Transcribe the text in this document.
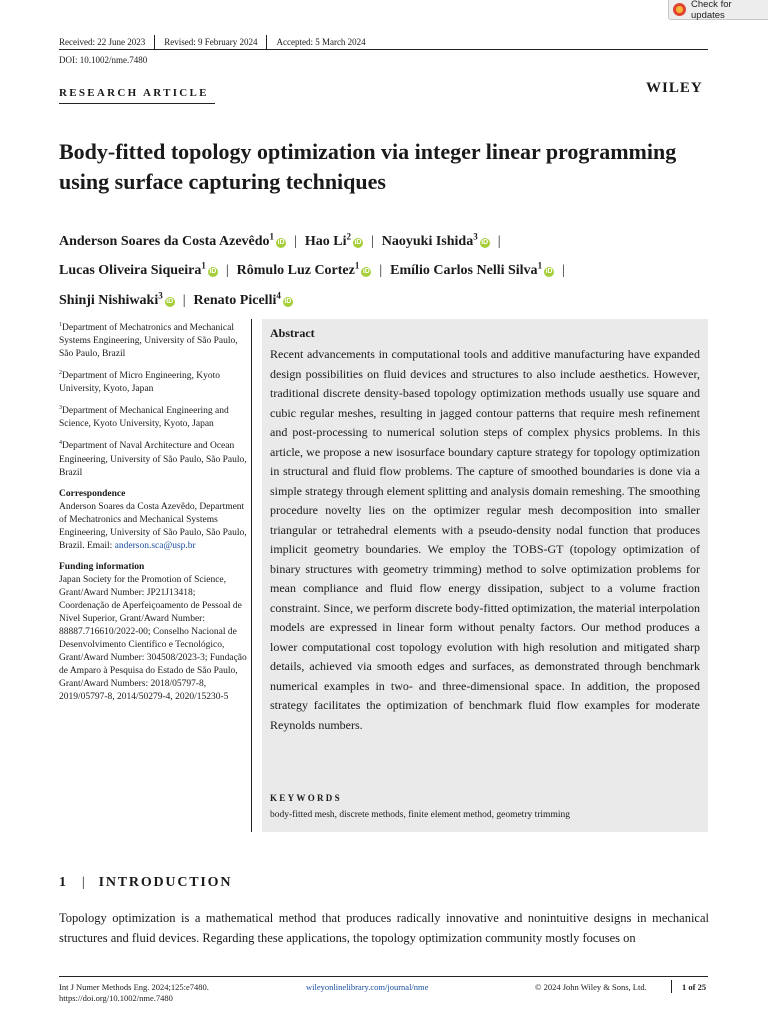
Check for updates
Received: 22 June 2023 Revised: 9 February 2024 Accepted: 5 March 2024
DOI: 10.1002/nme.7480
RESEARCH ARTICLE	WILEY
Body-fitted topology optimization via integer linear programming using surface capturing techniques
Anderson Soares da Costa Azevêdo$^1$iD | Hao Li$^2$iD | Naoyuki Ishida$^3$iD |
Lucas Oliveira Siqueira$^1$iD | Rômulo Luz Cortez$^1$iD | Emílio Carlos Nelli Silva$^1$iD |
Shinji Nishiwaki$^3$iD | Renato Picelli$^4$iD
$^1$Department of Mechatronics and Mechanical Systems Engineering, University of São Paulo, São Paulo, Brazil
$^2$Department of Micro Engineering, Kyoto University, Kyoto, Japan
$^3$Department of Mechanical Engineering and Science, Kyoto University, Kyoto, Japan
$^4$Department of Naval Architecture and Ocean Engineering, University of São Paulo, São Paulo, Brazil
Correspondence
Anderson Soares da Costa Azevêdo, Department of Mechatronics and Mechanical Systems Engineering, University of São Paulo, São Paulo, Brazil. Email: anderson.sca@usp.br
Funding information
Japan Society for the Promotion of Science, Grant/Award Number: JP21J13418; Coordenação de Aperfeiçoamento de Pessoal de Nível Superior, Grant/Award Number: 88887.716610/2022-00; Conselho Nacional de Desenvolvimento Científico e Tecnológico, Grant/Award Number: 304508/2023-3; Fundação de Amparo à Pesquisa do Estado de São Paulo, Grant/Award Numbers: 2018/05797-8, 2019/05797-8, 2014/50279-4, 2020/15230-5
Abstract

Recent advancements in computational tools and additive manufacturing have expanded design possibilities on fluid devices and structures to also include aesthetics. However, traditional discrete density-based topology optimization methods usually use square and cubic regular meshes, resulting in jagged contour patterns that require mesh refinement and post-processing to numerical solution steps of complex physics problems. In this article, we propose a new isosurface boundary capture strategy for topology optimization in structural and fluid flow problems. The capture of smoothed boundaries is done via a simple strategy through element splitting and analysis domain remeshing. The smoothing procedure novelty lies on the optimizer regular mesh decomposition into smaller triangular or tetrahedral elements with a pseudo-density nodal function that produces implicit geometry boundaries. We employ the TOBS-GT (topology optimization of binary structures with geometry trimming) method to solve optimization problems for mean compliance and fluid flow energy dissipation, subject to a volume fraction constraint. Since, we perform discrete body-fitted optimization, the material interpolation models are expressed in linear form without penalty factors. Our method produces a lower computational cost topology evolution with high resolution and mitigated sharp details, achieved via smooth edges and surfaces, as demonstrated through benchmark numerical examples in two- and three-dimensional space. In addition, the proposed strategy facilitates the optimization of benchmark fluid flow examples for moderate Reynolds numbers.

KEYWORDS
body-fitted mesh, discrete methods, finite element method, geometry trimming
1 | INTRODUCTION

Topology optimization is a mathematical method that produces radically innovative and nonintuitive designs in mechanical structures and fluid devices. Regarding these applications, the topology optimization community mostly focuses on

Int J Numer Methods Eng. 2024;125:e7480.
https://doi.org/10.1002/nme.7480
wileyonlinelibrary.com/journal/nme	© 2024 John Wiley & Sons, Ltd.	1 of 25
